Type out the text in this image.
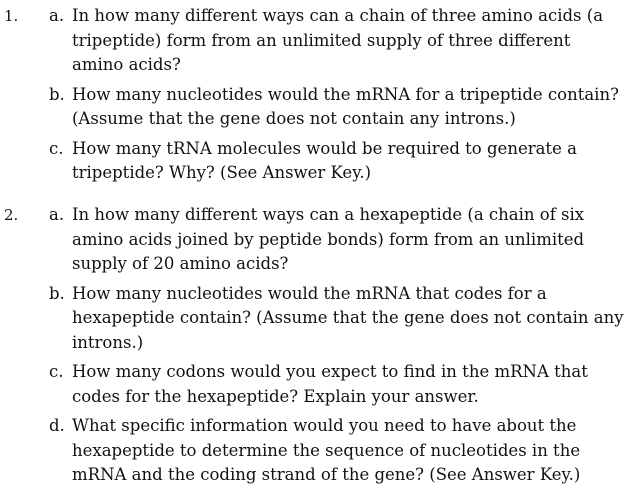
1. a. In how many different ways can a chain of three amino acids (a tripeptide) form from an unlimited supply of three different amino acids?
b. How many nucleotides would the mRNA for a tripeptide contain? (Assume that the gene does not contain any introns.)
c. How many tRNA molecules would be required to generate a tripeptide? Why? (See Answer Key.)
2. a. In how many different ways can a hexapeptide (a chain of six amino acids joined by peptide bonds) form from an unlimited supply of 20 amino acids?
b. How many nucleotides would the mRNA that codes for a hexapeptide contain? (Assume that the gene does not contain any introns.)
c. How many codons would you expect to find in the mRNA that codes for the hexapeptide? Explain your answer.
d. What specific information would you need to have about the hexapeptide to determine the sequence of nucleotides in the mRNA and the coding strand of the gene? (See Answer Key.)
